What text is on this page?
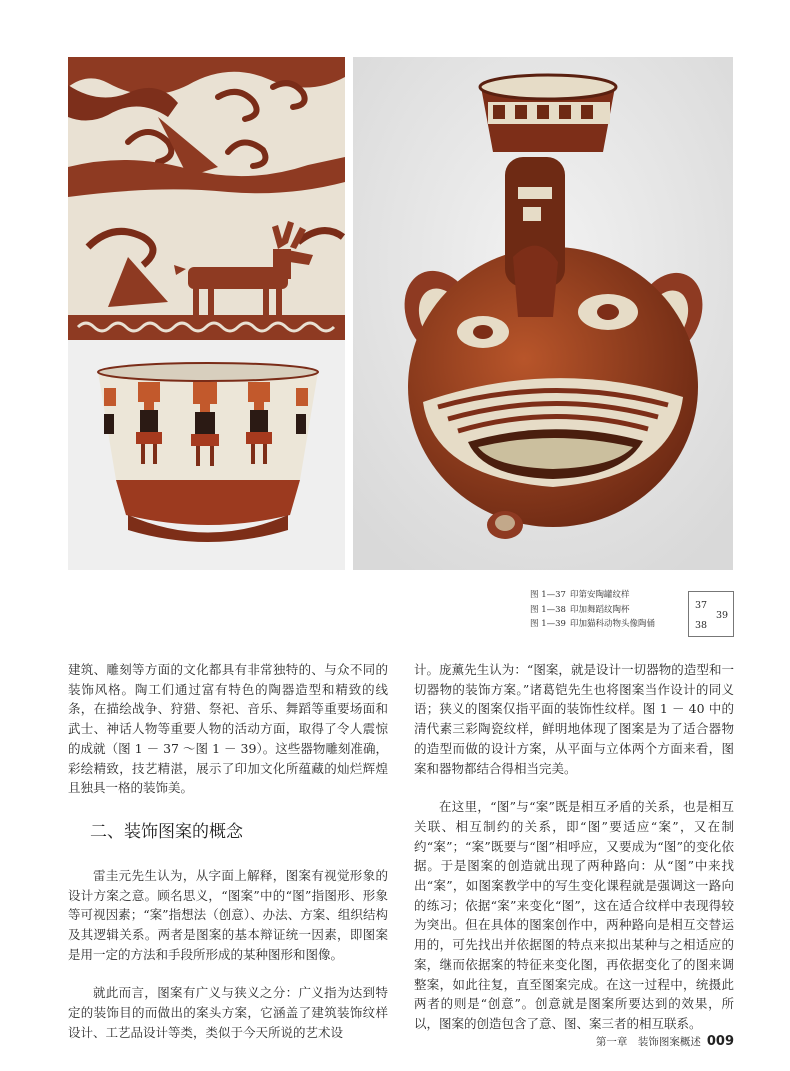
图 1—37 印第安陶罐纹样
图 1—38 印加舞蹈纹陶杯
图 1—39 印加猫科动物头像陶俑
37
38
39

建筑、雕刻等方面的文化都具有非常独特的、与众不同的装饰风格。陶工们通过富有特色的陶器造型和精致的线条，在描绘战争、狩猎、祭祀、音乐、舞蹈等重要场面和武士、神话人物等重要人物的活动方面，取得了令人震惊的成就（图 1 － 37 ～图 1 － 39）。这些器物雕刻准确，彩绘精致，技艺精湛，展示了印加文化所蕴藏的灿烂辉煌且独具一格的装饰美。

二、装饰图案的概念

雷圭元先生认为，从字面上解释，图案有视觉形象的设计方案之意。顾名思义，“图案”中的“图”指图形、形象等可视因素；“案”指想法（创意）、办法、方案、组织结构及其逻辑关系。两者是图案的基本辩证统一因素，即图案是用一定的方法和手段所形成的某种图形和图像。

就此而言，图案有广义与狭义之分：广义指为达到特定的装饰目的而做出的案头方案，它涵盖了建筑装饰纹样设计、工艺品设计等类，类似于今天所说的艺术设

计。庞薰先生认为：“图案，就是设计一切器物的造型和一切器物的装饰方案。”诸葛铠先生也将图案当作设计的同义语；狭义的图案仅指平面的装饰性纹样。图 1 － 40 中的清代素三彩陶瓷纹样，鲜明地体现了图案是为了适合器物的造型而做的设计方案，从平面与立体两个方面来看，图案和器物都结合得相当完美。

在这里，“图”与“案”既是相互矛盾的关系，也是相互关联、相互制约的关系，即“图”要适应“案”，又在制约“案”；“案”既要与“图”相呼应，又要成为“图”的变化依据。于是图案的创造就出现了两种路向：从“图”中来找出“案”，如图案教学中的写生变化课程就是强调这一路向的练习；依据“案”来变化“图”，这在适合纹样中表现得较为突出。但在具体的图案创作中，两种路向是相互交替运用的，可先找出并依据图的特点来拟出某种与之相适应的案，继而依据案的特征来变化图，再依据变化了的图来调整案，如此往复，直至图案完成。在这一过程中，统摄此两者的则是“创意”。创意就是图案所要达到的效果，所以，图案的创造包含了意、图、案三者的相互联系。

第一章　装饰图案概述 009
